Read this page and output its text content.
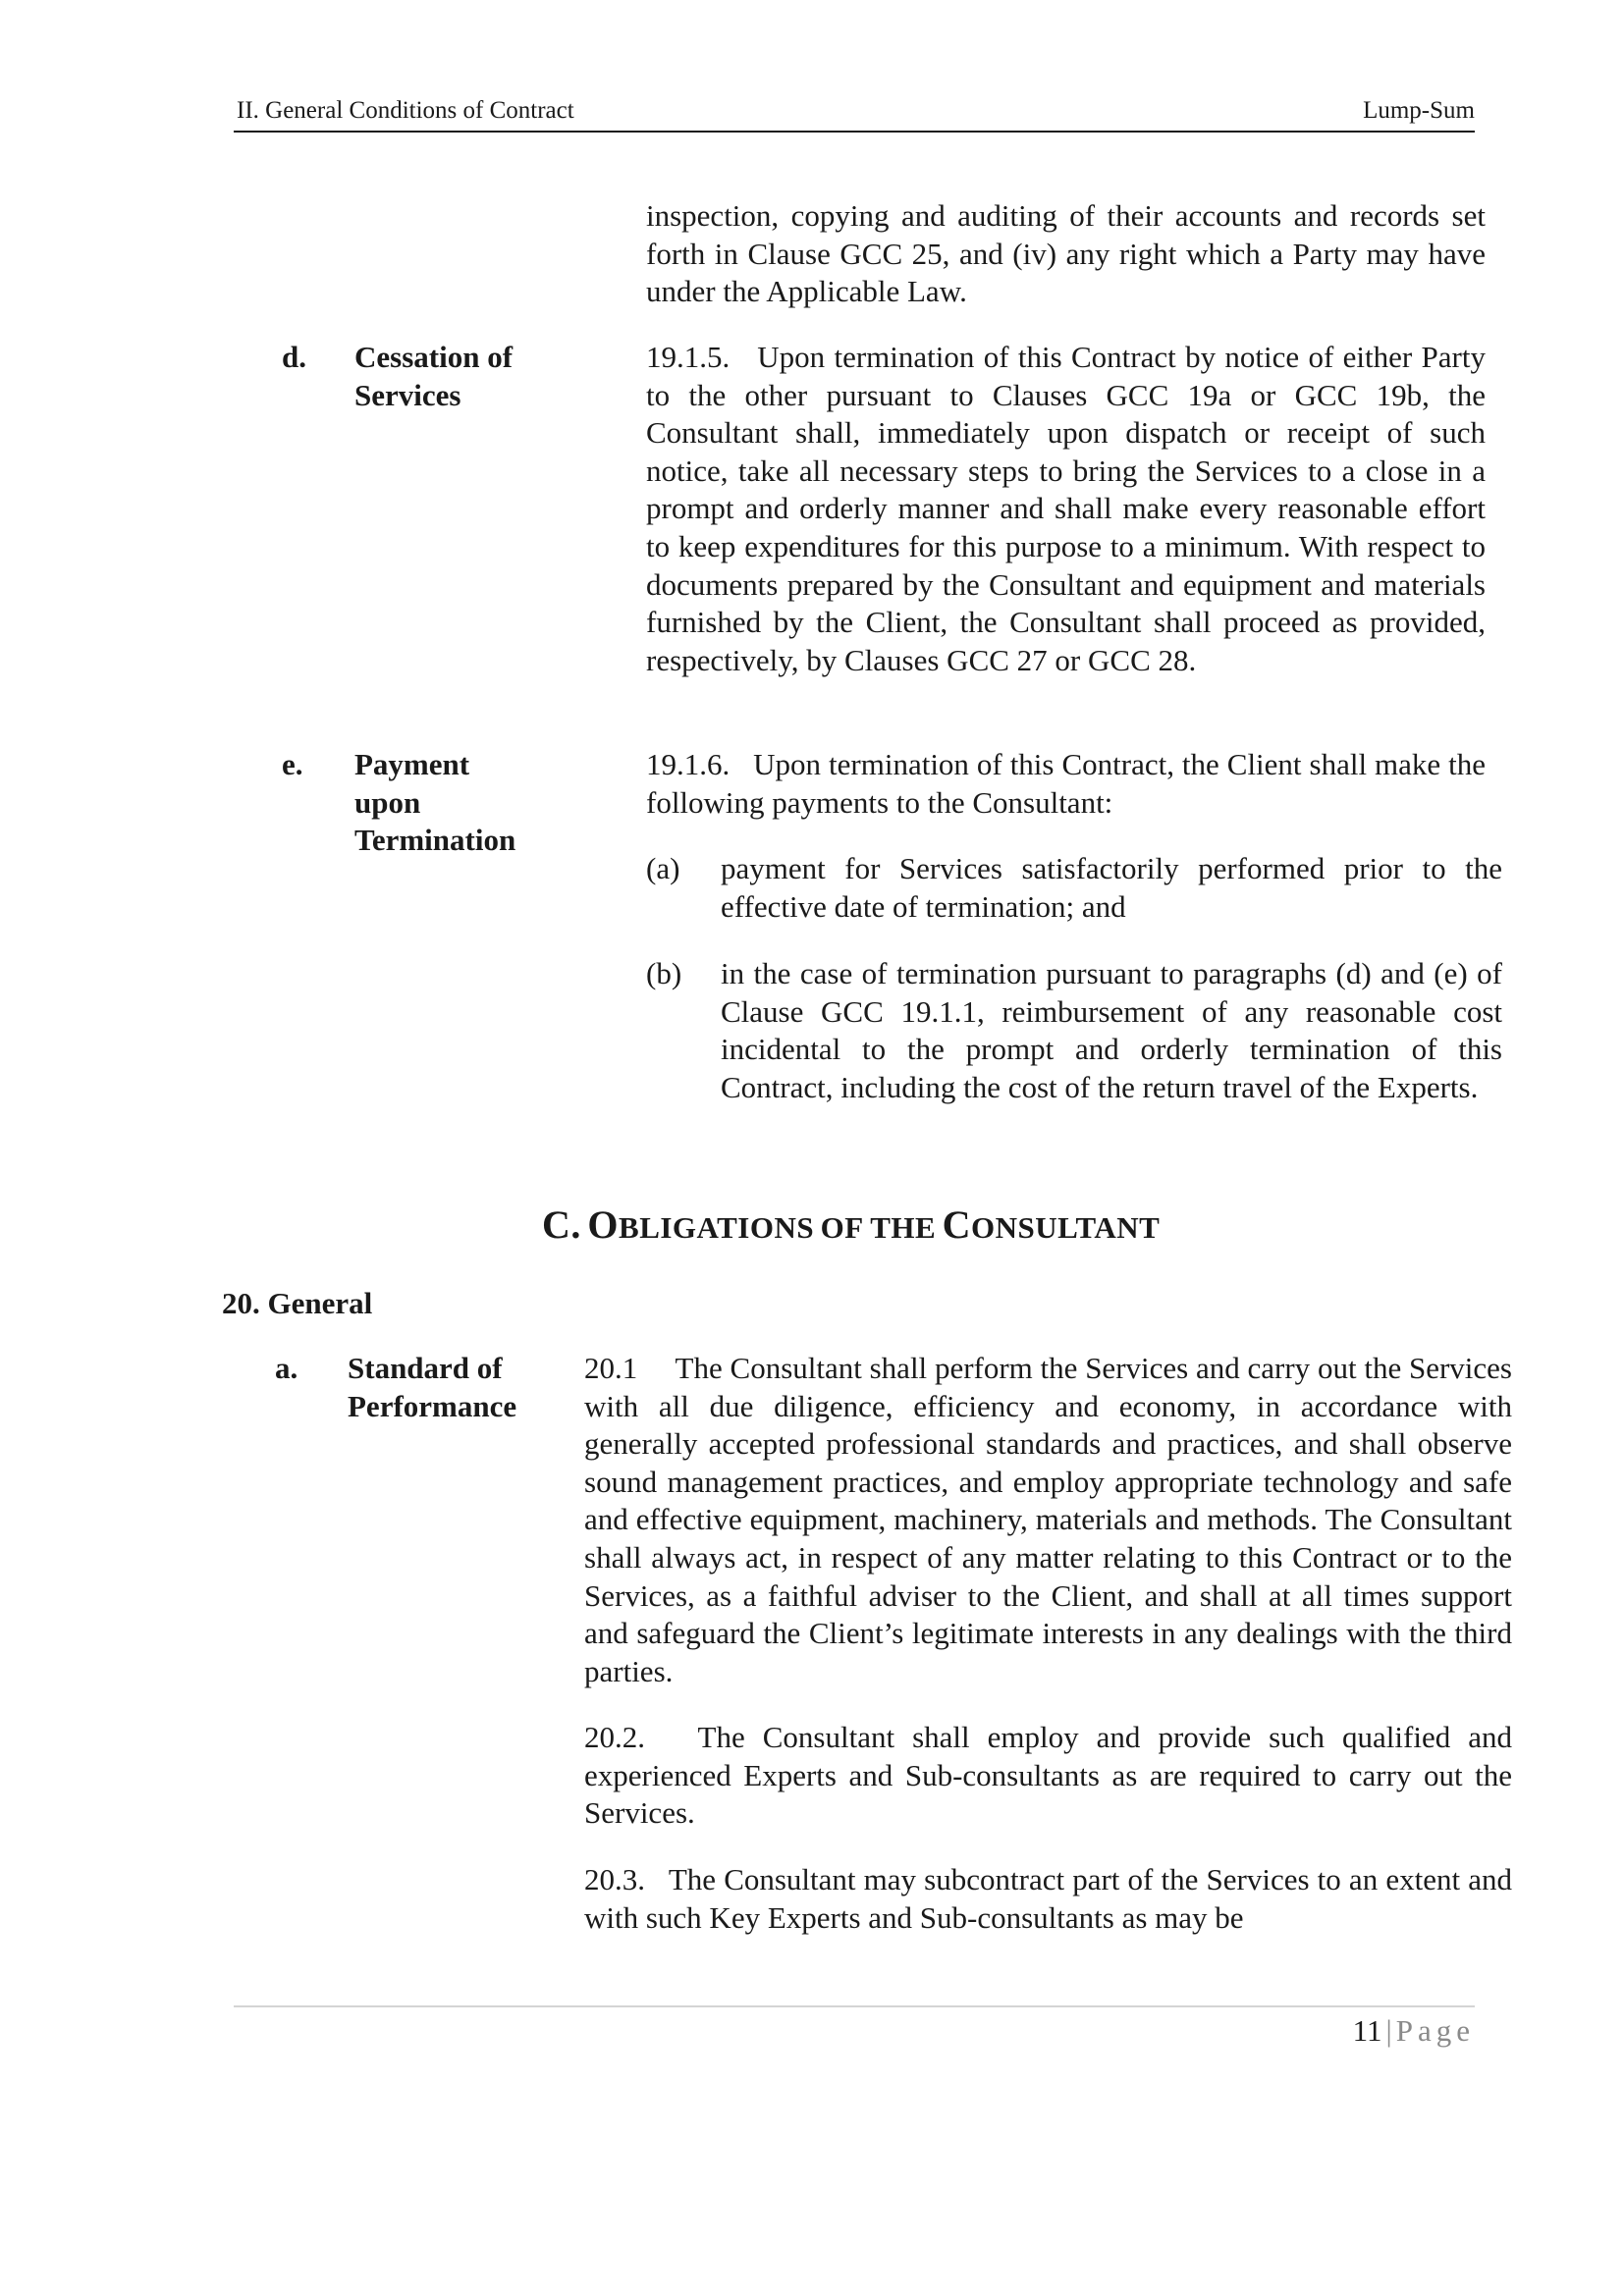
II. General Conditions of Contract	Lump-Sum

inspection, copying and auditing of their accounts and records set forth in Clause GCC 25, and (iv) any right which a Party may have under the Applicable Law.

d. Cessation of
Services

19.1.5. Upon termination of this Contract by notice of either Party to the other pursuant to Clauses GCC 19a or GCC 19b, the Consultant shall, immediately upon dispatch or receipt of such notice, take all necessary steps to bring the Services to a close in a prompt and orderly manner and shall make every reasonable effort to keep expenditures for this purpose to a minimum. With respect to documents prepared by the Consultant and equipment and materials furnished by the Client, the Consultant shall proceed as provided, respectively, by Clauses GCC 27 or GCC 28.

e. Payment
upon
Termination

19.1.6. Upon termination of this Contract, the Client shall make the following payments to the Consultant:

(a) payment for Services satisfactorily performed prior to the effective date of termination; and

(b) in the case of termination pursuant to paragraphs (d) and (e) of Clause GCC 19.1.1, reimbursement of any reasonable cost incidental to the prompt and orderly termination of this Contract, including the cost of the return travel of the Experts.

C. OBLIGATIONS OF THE CONSULTANT

20. General

a. Standard of
Performance

20.1 The Consultant shall perform the Services and carry out the Services with all due diligence, efficiency and economy, in accordance with generally accepted professional standards and practices, and shall observe sound management practices, and employ appropriate technology and safe and effective equipment, machinery, materials and methods. The Consultant shall always act, in respect of any matter relating to this Contract or to the Services, as a faithful adviser to the Client, and shall at all times support and safeguard the Client’s legitimate interests in any dealings with the third parties.

20.2. The Consultant shall employ and provide such qualified and experienced Experts and Sub-consultants as are required to carry out the Services.

20.3. The Consultant may subcontract part of the Services to an extent and with such Key Experts and Sub-consultants as may be

11 | Page
